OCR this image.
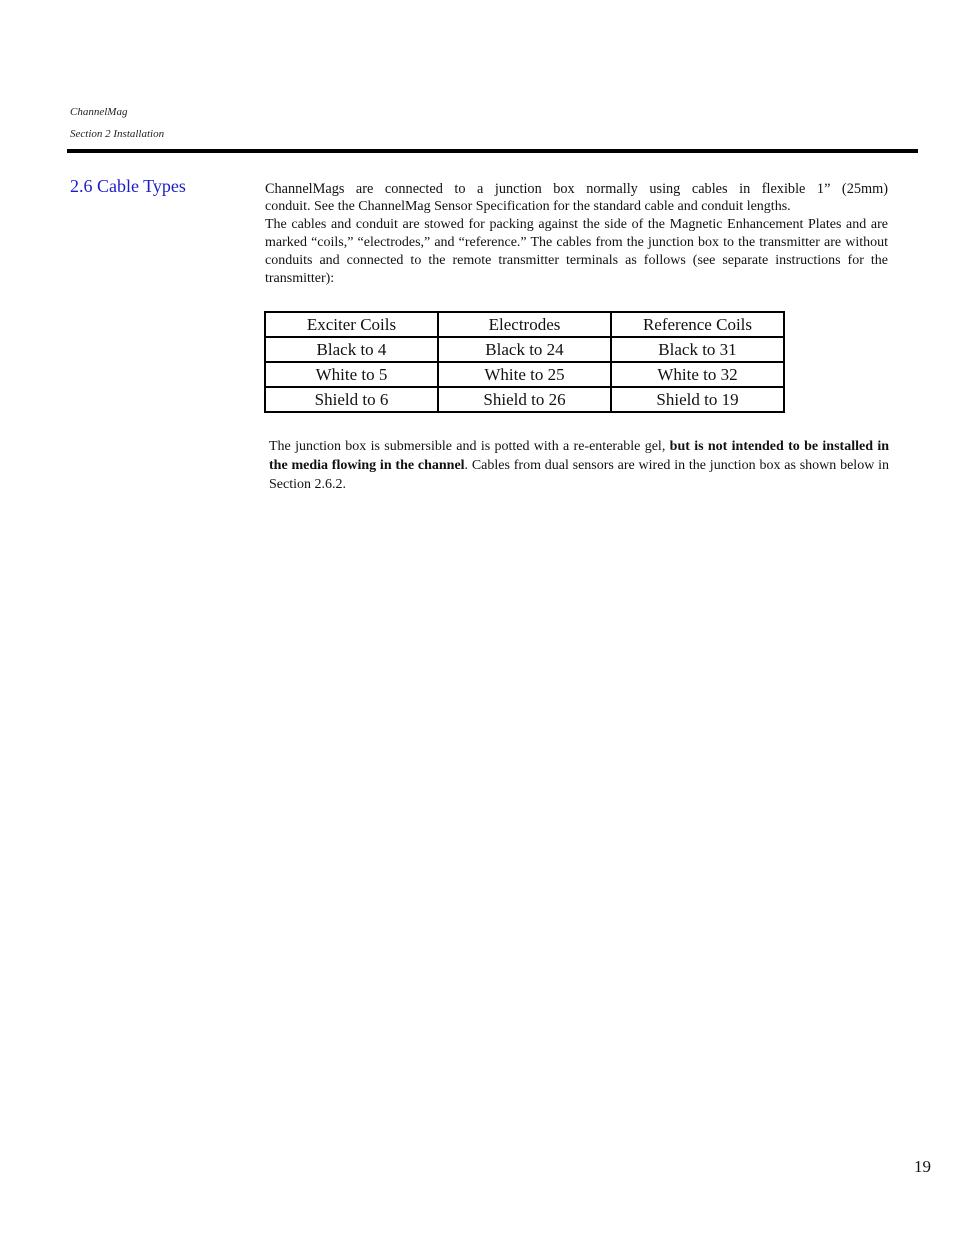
ChannelMag
Section 2 Installation
2.6 Cable Types	ChannelMags are connected to a junction box normally using cables in flexible 1” (25mm)
conduit. See the ChannelMag Sensor Specification for the standard cable and conduit lengths.
The cables and conduit are stowed for packing against the side of the Magnetic Enhancement Plates and are marked “coils,” “electrodes,” and “reference.” The cables from the junction box to the transmitter are without conduits and connected to the remote transmitter terminals as follows (see separate instructions for the transmitter):
Exciter Coils	Electrodes	Reference Coils
Black to 4	Black to 24	Black to 31
White to 5	White to 25	White to 32
Shield to 6	Shield to 26	Shield to 19
The junction box is submersible and is potted with a re-enterable gel, but is not intended to be installed in the media flowing in the channel. Cables from dual sensors are wired in the junction box as shown below in Section 2.6.2.
19
